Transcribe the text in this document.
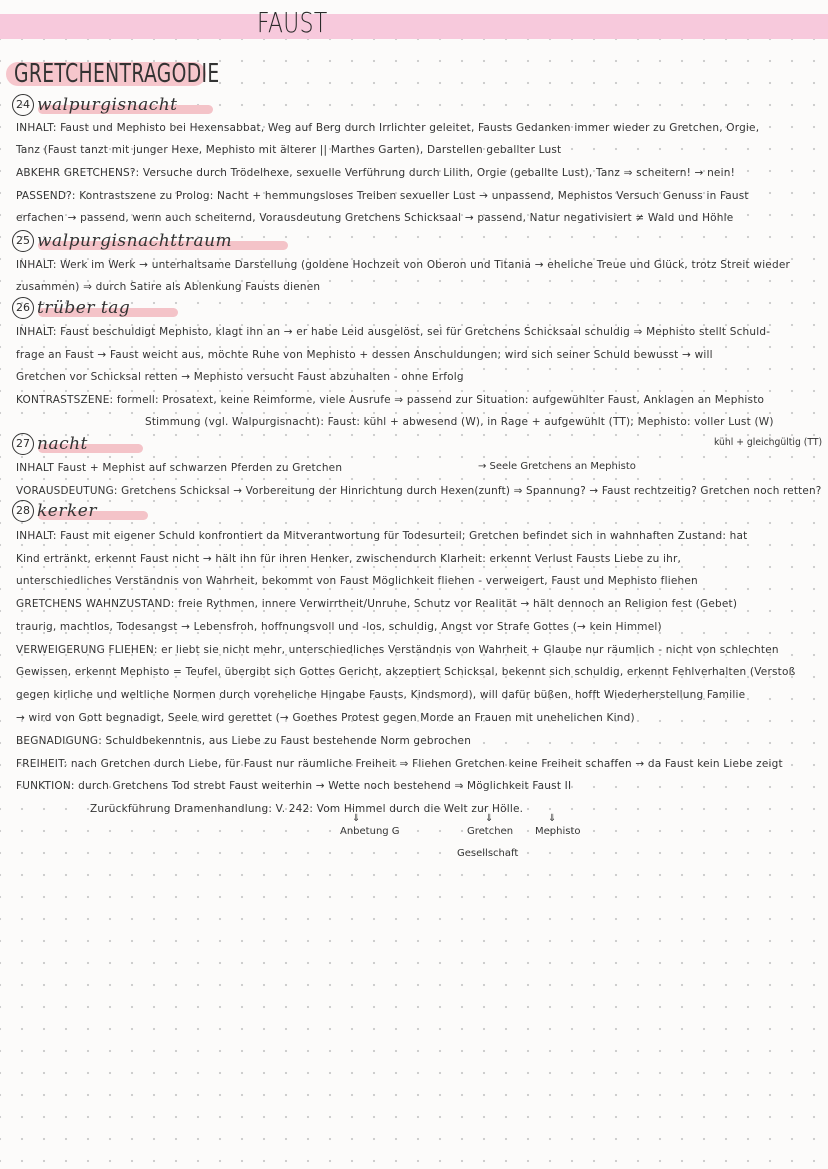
FAUST
GRETCHENTRAGODIE
24 walpurgisnacht
INHALT: Faust und Mephisto bei Hexensabbat, Weg auf Berg durch Irrlichter geleitet, Fausts Gedanken immer wieder zu Gretchen, Orgie,
Tanz (Faust tanzt mit junger Hexe, Mephisto mit älterer || Marthes Garten), Darstellen geballter Lust
ABKEHR GRETCHENS?: Versuche durch Trödelhexe, sexuelle Verführung durch Lilith, Orgie (geballte Lust), Tanz ⇒ scheitern! → nein!
PASSEND?: Kontrastszene zu Prolog: Nacht + hemmungsloses Treiben sexueller Lust → unpassend, Mephistos Versuch Genuss in Faust
erfachen → passend, wenn auch scheiternd, Vorausdeutung Gretchens Schicksaal → passend, Natur negativisiert ≠ Wald und Höhle
25 walpurgisnachttraum
INHALT: Werk im Werk → unterhaltsame Darstellung (goldene Hochzeit von Oberon und Titania → eheliche Treue und Glück, trotz Streit wieder
zusammen) ⇒ durch Satire als Ablenkung Fausts dienen
26 trüber tag
INHALT: Faust beschuldigt Mephisto, klagt ihn an → er habe Leid ausgelöst, sei für Gretchens Schicksaal schuldig ⇒ Mephisto stellt Schuld-
frage an Faust → Faust weicht aus, möchte Ruhe von Mephisto + dessen Anschuldungen; wird sich seiner Schuld bewusst → will
Gretchen vor Schicksal retten → Mephisto versucht Faust abzuhalten - ohne Erfolg
KONTRASTSZENE: formell: Prosatext, keine Reimforme, viele Ausrufe ⇒ passend zur Situation: aufgewühlter Faust, Anklagen an Mephisto
Stimmung (vgl. Walpurgisnacht): Faust: kühl + abwesend (W), in Rage + aufgewühlt (TT); Mephisto: voller Lust (W)
kühl + gleichgültig (TT)
27 nacht
INHALT Faust + Mephist auf schwarzen Pferden zu Gretchen	→ Seele Gretchens an Mephisto
VORAUSDEUTUNG: Gretchens Schicksal → Vorbereitung der Hinrichtung durch Hexen(zunft) ⇒ Spannung? → Faust rechtzeitig? Gretchen noch retten?
28 kerker
INHALT: Faust mit eigener Schuld konfrontiert da Mitverantwortung für Todesurteil; Gretchen befindet sich in wahnhaften Zustand: hat
Kind ertränkt, erkennt Faust nicht → hält ihn für ihren Henker, zwischendurch Klarheit: erkennt Verlust Fausts Liebe zu ihr,
unterschiedliches Verständnis von Wahrheit, bekommt von Faust Möglichkeit fliehen - verweigert, Faust und Mephisto fliehen
GRETCHENS WAHNZUSTAND: freie Rythmen, innere Verwirrtheit/Unruhe, Schutz vor Realität → hält dennoch an Religion fest (Gebet)
traurig, machtlos, Todesangst → Lebensfroh, hoffnungsvoll und -los, schuldig, Angst vor Strafe Gottes (→ kein Himmel)
VERWEIGERUNG FLIEHEN: er liebt sie nicht mehr, unterschiedliches Verständnis von Wahrheit + Glaube nur räumlich - nicht von schlechten
Gewissen, erkennt Mephisto = Teufel, übergibt sich Gottes Gericht, akzeptiert Schicksal, bekennt sich schuldig, erkennt Fehlverhalten (Verstoß
gegen kirliche und weltliche Normen durch voreheliche Hingabe Fausts, Kindsmord), will dafür büßen, hofft Wiederherstellung Familie
→ wird von Gott begnadigt, Seele wird gerettet (→ Goethes Protest gegen Morde an Frauen mit unehelichen Kind)
BEGNADIGUNG: Schuldbekenntnis, aus Liebe zu Faust bestehende Norm gebrochen
FREIHEIT: nach Gretchen durch Liebe, für Faust nur räumliche Freiheit ⇒ Fliehen Gretchen keine Freiheit schaffen → da Faust kein Liebe zeigt
FUNKTION: durch Gretchens Tod strebt Faust weiterhin → Wette noch bestehend ⇒ Möglichkeit Faust II
Zurückführung Dramenhandlung: V. 242: Vom Himmel durch die Welt zur Hölle.
⇓	⇓	⇓
Anbetung G	Gretchen Mephisto
Gesellschaft
